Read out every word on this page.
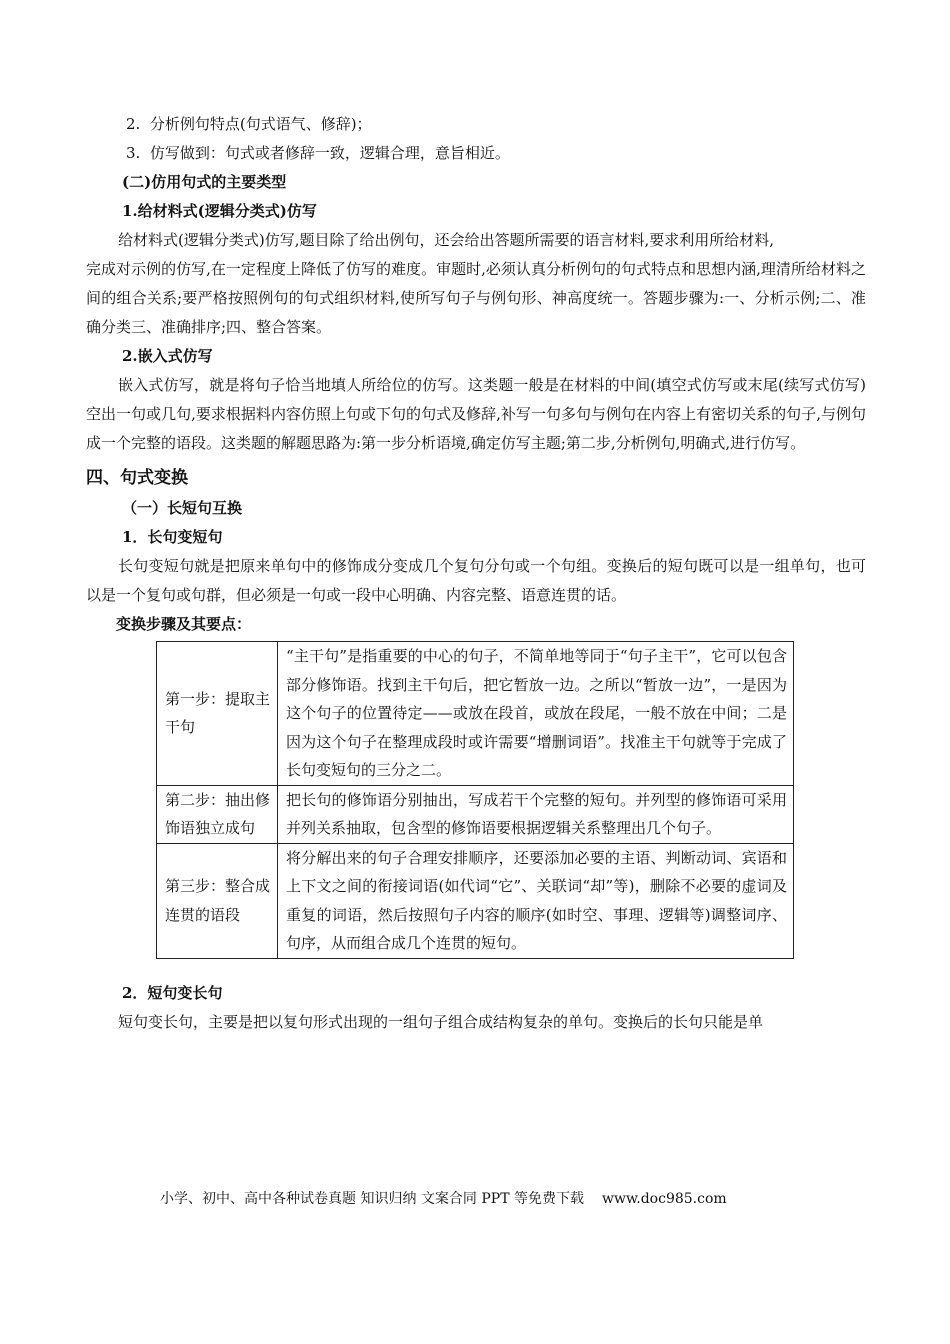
2.  分析例句特点(句式语气、修辞)；
3.  仿写做到：句式或者修辞一致，逻辑合理，意旨相近。
(二)仿用句式的主要类型
1.给材料式(逻辑分类式)仿写
给材料式(逻辑分类式)仿写,题目除了给出例句，还会给出答题所需要的语言材料,要求利用所给材料,
完成对示例的仿写,在一定程度上降低了仿写的难度。审题时,必须认真分析例句的句式特点和思想内涵,理清所给材料之间的组合关系;要严格按照例句的句式组织材料,使所写句子与例句形、神高度统一。答题步骤为:一、分析示例;二、准确分类三、准确排序;四、整合答案。
2.嵌入式仿写
嵌入式仿写，就是将句子恰当地填人所给位的仿写。这类题一般是在材料的中间(填空式仿写或末尾(续写式仿写)空出一句或几句,要求根据料内容仿照上句或下句的句式及修辞,补写一句多句与例句在内容上有密切关系的句子,与例句成一个完整的语段。这类题的解题思路为:第一步分析语境,确定仿写主题;第二步,分析例句,明确式,进行仿写。
四、句式变换
（一）长短句互换
1．长句变短句
长句变短句就是把原来单句中的修饰成分变成几个复句分句或一个句组。变换后的短句既可以是一组单句，也可以是一个复句或句群，但必须是一句或一段中心明确、内容完整、语意连贯的话。
变换步骤及其要点：
第一步：提取主干句	“主干句”是指重要的中心的句子，不简单地等同于“句子主干”，它可以包含部分修饰语。找到主干句后，把它暂放一边。之所以“暂放一边”，一是因为这个句子的位置待定——或放在段首，或放在段尾，一般不放在中间；二是因为这个句子在整理成段时或许需要“增删词语”。找准主干句就等于完成了长句变短句的三分之二。
第二步：抽出修饰语独立成句	把长句的修饰语分别抽出，写成若干个完整的短句。并列型的修饰语可采用并列关系抽取，包含型的修饰语要根据逻辑关系整理出几个句子。
第三步：整合成连贯的语段	将分解出来的句子合理安排顺序，还要添加必要的主语、判断动词、宾语和上下文之间的衔接词语(如代词“它”、关联词“却”等)，删除不必要的虚词及重复的词语，然后按照句子内容的顺序(如时空、事理、逻辑等)调整词序、句序，从而组合成几个连贯的短句。
2．短句变长句
短句变长句，主要是把以复句形式出现的一组句子组合成结构复杂的单句。变换后的长句只能是单
小学、初中、高中各种试卷真题 知识归纳 文案合同 PPT 等免费下载 www.doc985.com
